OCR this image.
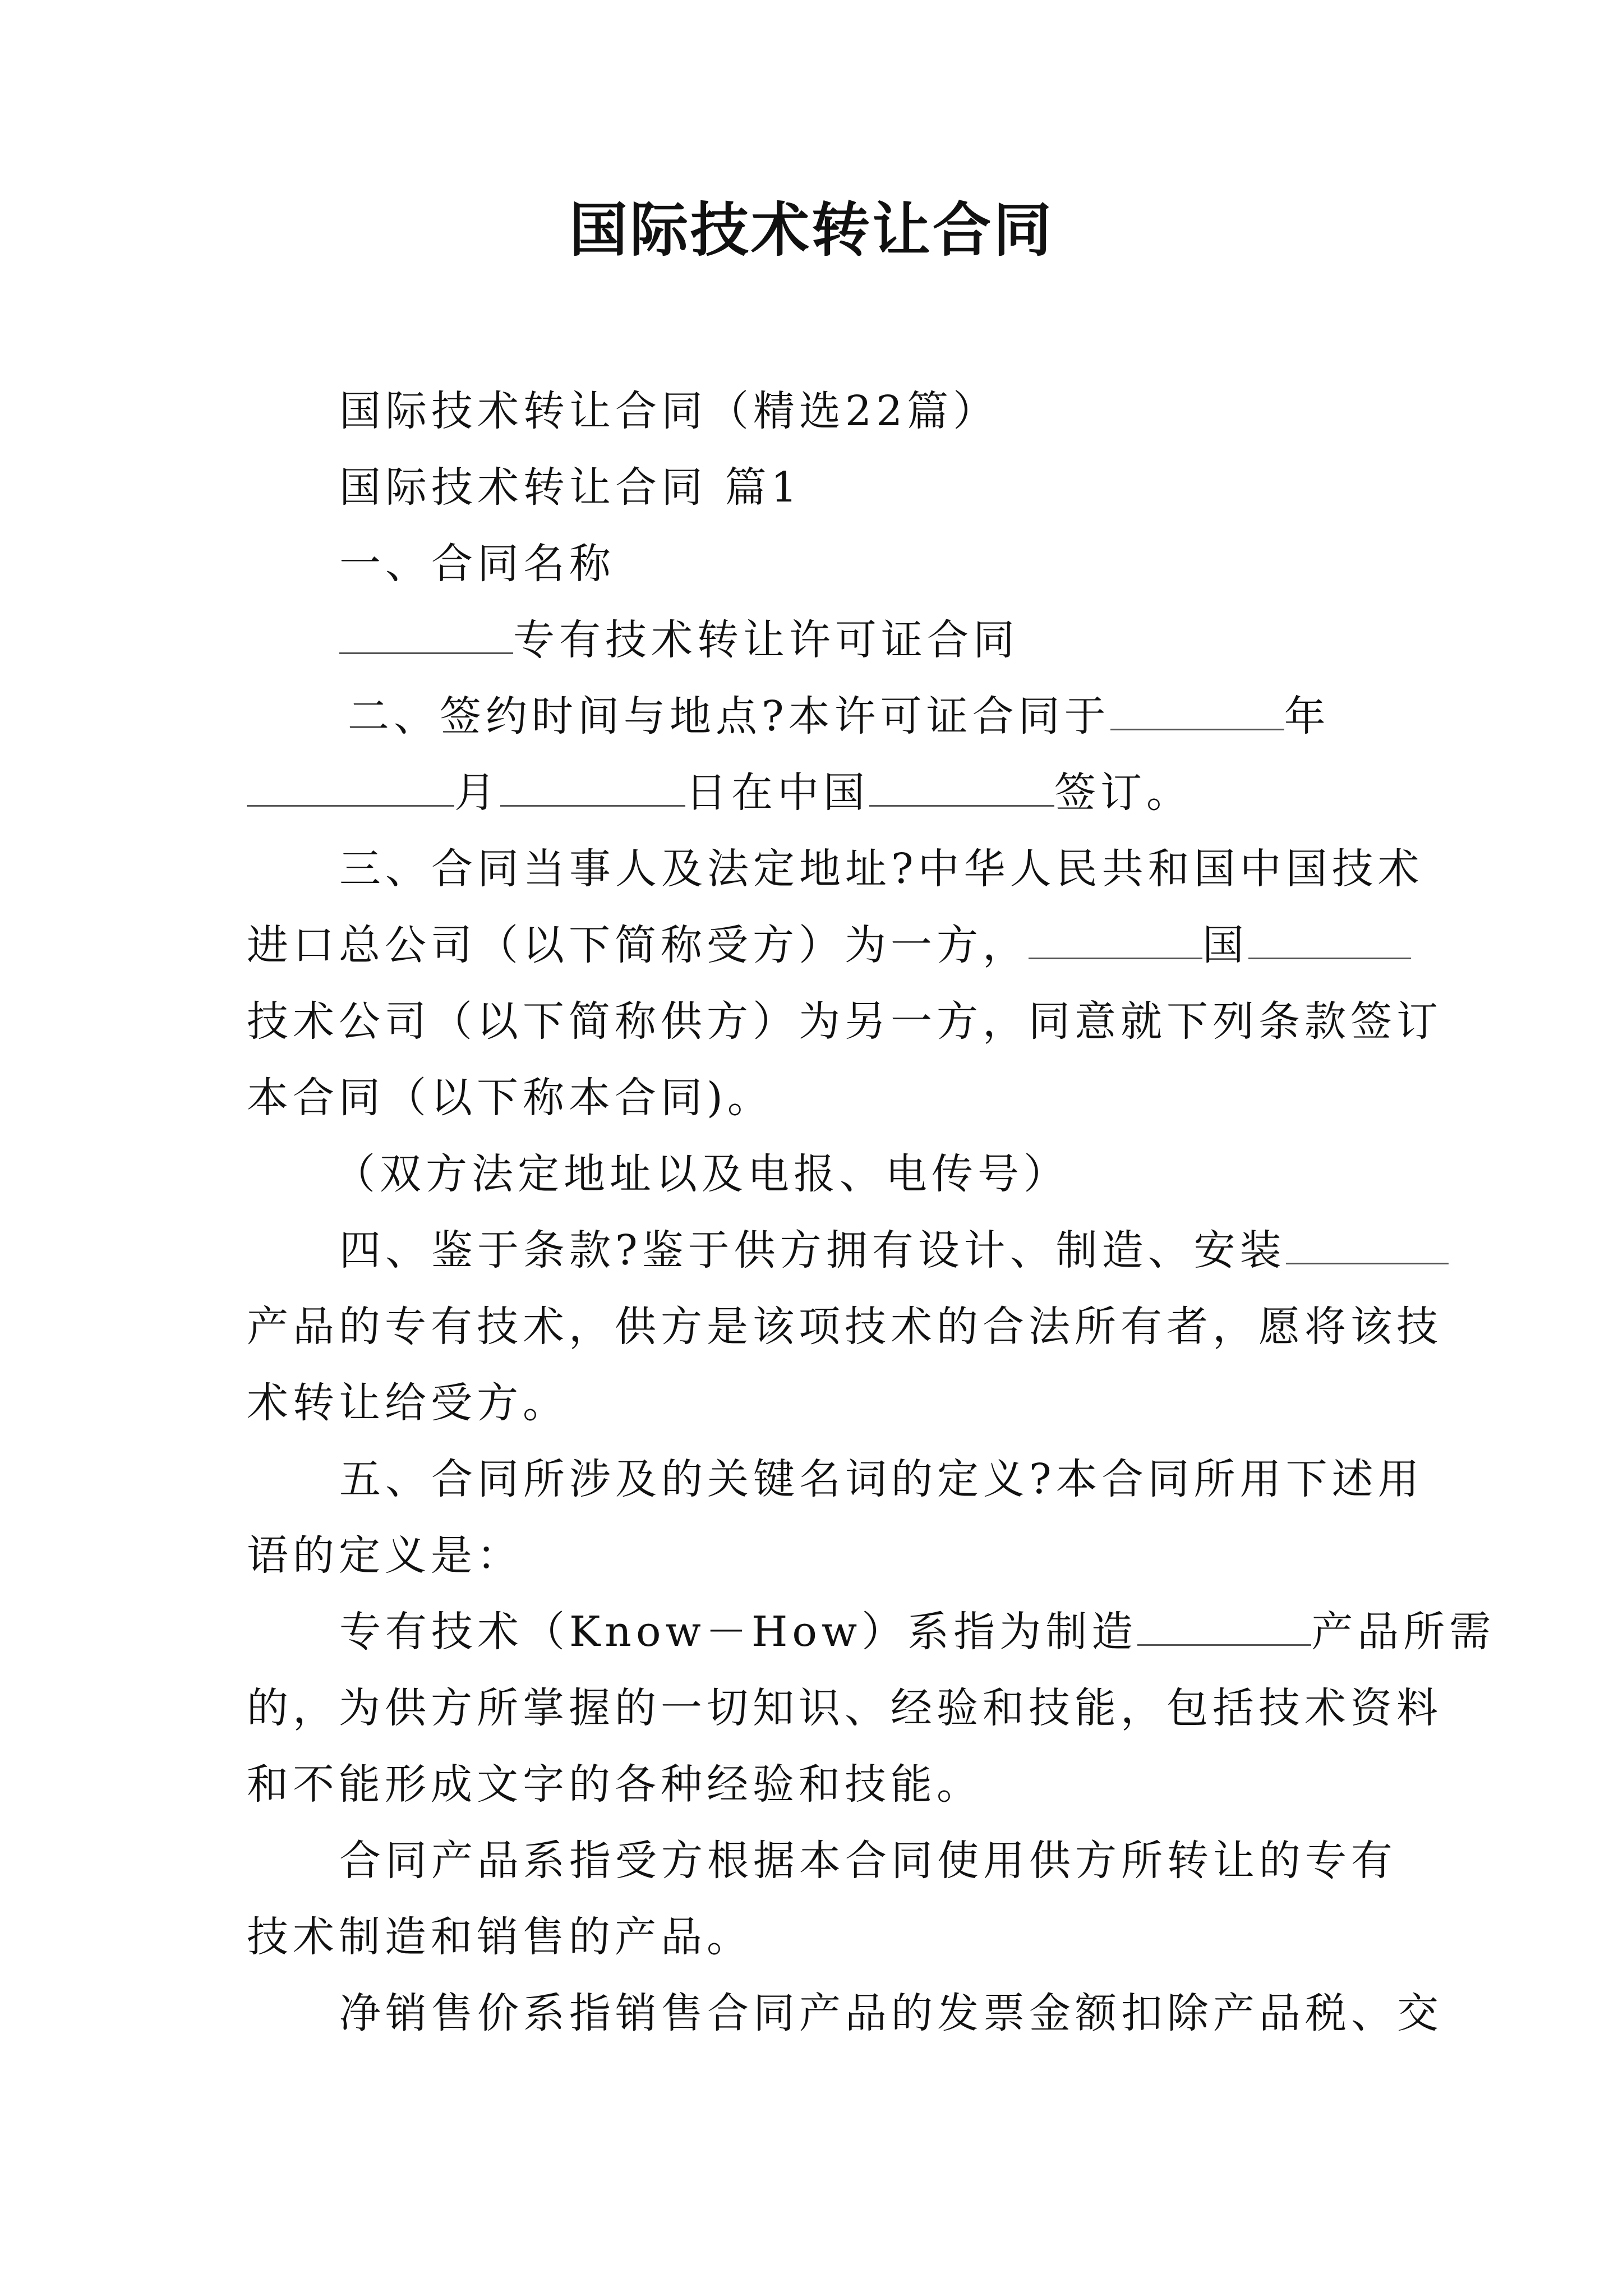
国际技术转让合同
国际技术转让合同（精选22篇）
国际技术转让合同 篇1
一、合同名称
专有技术转让许可证合同
二、签约时间与地点?本许可证合同于	年
月	日在中国	签订。
三、合同当事人及法定地址?中华人民共和国中国技术
进口总公司（以下简称受方）为一方，	国
技术公司（以下简称供方）为另一方，同意就下列条款签订
本合同（以下称本合同)。
（双方法定地址以及电报、电传号）
四、鉴于条款?鉴于供方拥有设计、制造、安装
产品的专有技术，供方是该项技术的合法所有者，愿将该技
术转让给受方。
五、合同所涉及的关键名词的定义?本合同所用下述用
语的定义是：
专有技术（Know－How）系指为制造	产品所需
的，为供方所掌握的一切知识、经验和技能，包括技术资料
和不能形成文字的各种经验和技能。
合同产品系指受方根据本合同使用供方所转让的专有
技术制造和销售的产品。
净销售价系指销售合同产品的发票金额扣除产品税、交
